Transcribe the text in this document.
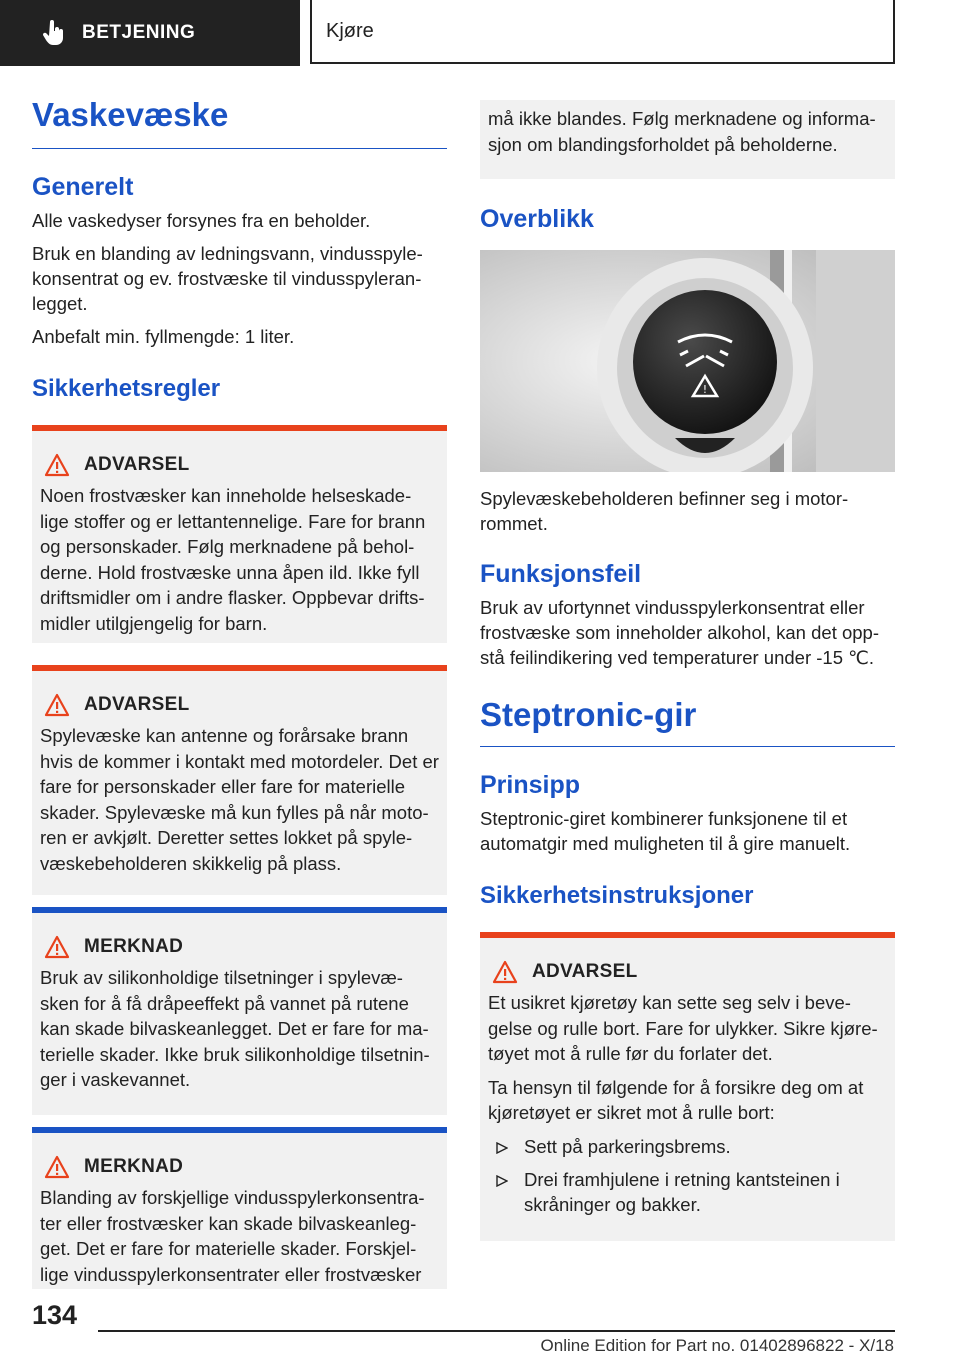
BETJENING	Kjøre
Vaskevæske
Generelt

Alle vaskedyser forsynes fra en beholder.

Bruk en blanding av ledningsvann, vindusspyle-konsentrat og ev. frostvæske til vindusspyleran-legget.

Anbefalt min. fyllmengde: 1 liter.

Sikkerhetsregler
ADVARSEL

Noen frostvæsker kan inneholde helseskade-lige stoffer og er lettantennelige. Fare for brann og personskader. Følg merknadene på behol-derne. Hold frostvæske unna åpen ild. Ikke fyll driftsmidler om i andre flasker. Oppbevar drifts-midler utilgjengelig for barn.

ADVARSEL

Spylevæske kan antenne og forårsake brann hvis de kommer i kontakt med motordeler. Det er fare for personskader eller fare for materielle skader. Spylevæske må kun fylles på når moto-ren er avkjølt. Deretter settes lokket på spyle-væskebeholderen skikkelig på plass.

MERKNAD

Bruk av silikonholdige tilsetninger i spylevæ-sken for å få dråpeeffekt på vannet på rutene kan skade bilvaskeanlegget. Det er fare for ma-terielle skader. Ikke bruk silikonholdige tilsetnin-ger i vaskevannet.

MERKNAD

Blanding av forskjellige vindusspylerkonsentra-ter eller frostvæsker kan skade bilvaskeanleg-get. Det er fare for materielle skader. Forskjel-lige vindusspylerkonsentrater eller frostvæsker

må ikke blandes. Følg merknadene og informa-sjon om blandingsforholdet på beholderne.

Overblikk
!

Spylevæskebeholderen befinner seg i motor-rommet.

Funksjonsfeil

Bruk av ufortynnet vindusspylerkonsentrat eller frostvæske som inneholder alkohol, kan det opp-stå feilindikering ved temperaturer under -15 ℃.

Steptronic-gir
Prinsipp

Steptronic-giret kombinerer funksjonene til et automatgir med muligheten til å gire manuelt.

Sikkerhetsinstruksjoner
ADVARSEL

Et usikret kjøretøy kan sette seg selv i beve-gelse og rulle bort. Fare for ulykker. Sikre kjøre-tøyet mot å rulle før du forlater det.

Ta hensyn til følgende for å forsikre deg om at kjøretøyet er sikret mot å rulle bort:

Sett på parkeringsbrems.
Drei framhjulene i retning kantsteinen i skråninger og bakker.
134
Online Edition for Part no. 01402896822 - X/18
